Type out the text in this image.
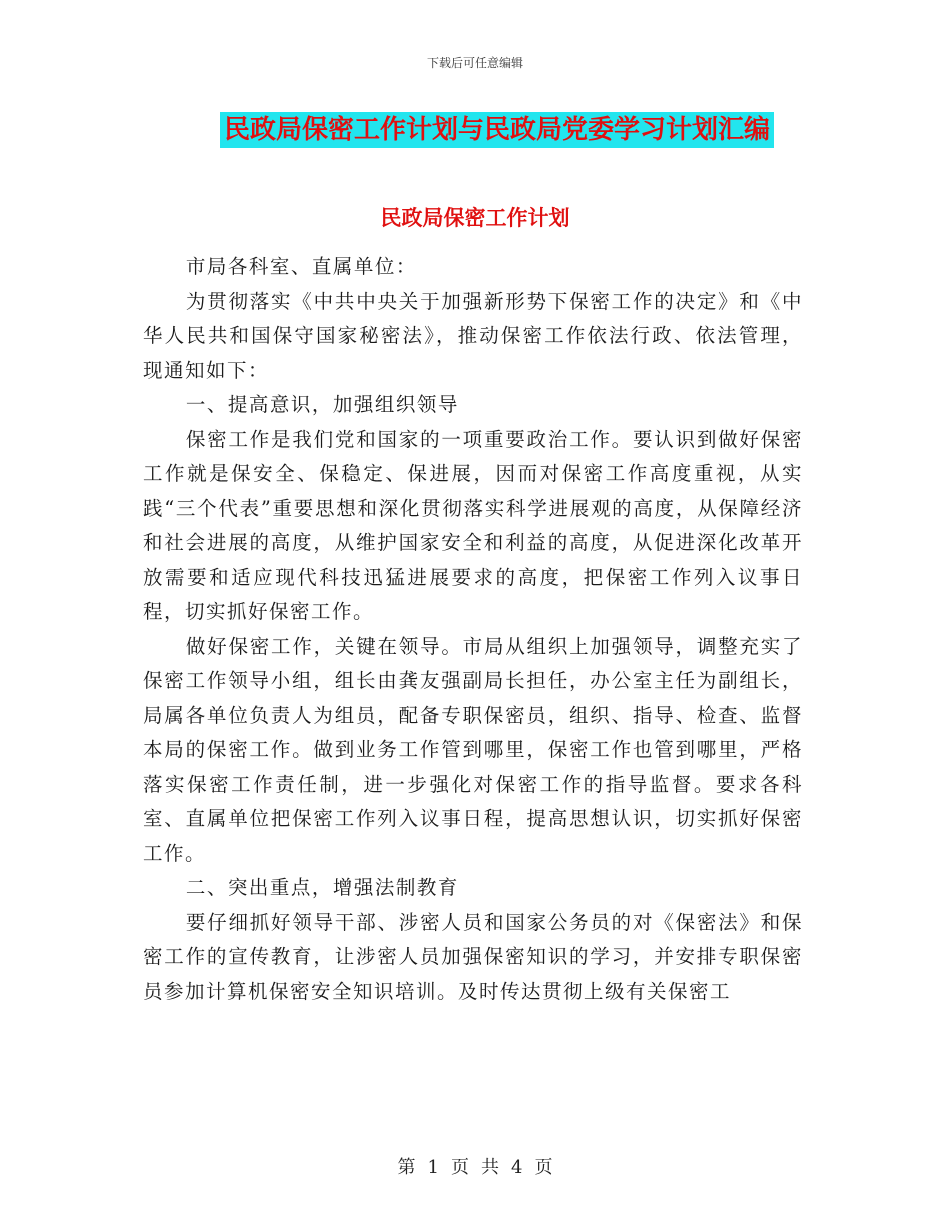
下载后可任意编辑
民政局保密工作计划与民政局党委学习计划汇编
民政局保密工作计划

市局各科室、直属单位：

为贯彻落实《中共中央关于加强新形势下保密工作的决定》和《中华人民共和国保守国家秘密法》，推动保密工作依法行政、依法管理，现通知如下：

一、提高意识，加强组织领导

保密工作是我们党和国家的一项重要政治工作。要认识到做好保密工作就是保安全、保稳定、保进展，因而对保密工作高度重视，从实践“三个代表”重要思想和深化贯彻落实科学进展观的高度，从保障经济和社会进展的高度，从维护国家安全和利益的高度，从促进深化改革开放需要和适应现代科技迅猛进展要求的高度，把保密工作列入议事日程，切实抓好保密工作。

做好保密工作，关键在领导。市局从组织上加强领导，调整充实了保密工作领导小组，组长由龚友强副局长担任，办公室主任为副组长，局属各单位负责人为组员，配备专职保密员，组织、指导、检查、监督本局的保密工作。做到业务工作管到哪里，保密工作也管到哪里，严格落实保密工作责任制，进一步强化对保密工作的指导监督。要求各科室、直属单位把保密工作列入议事日程，提高思想认识，切实抓好保密工作。

二、突出重点，增强法制教育

要仔细抓好领导干部、涉密人员和国家公务员的对《保密法》和保密工作的宣传教育，让涉密人员加强保密知识的学习，并安排专职保密员参加计算机保密安全知识培训。及时传达贯彻上级有关保密工

第 1 页 共 4 页
